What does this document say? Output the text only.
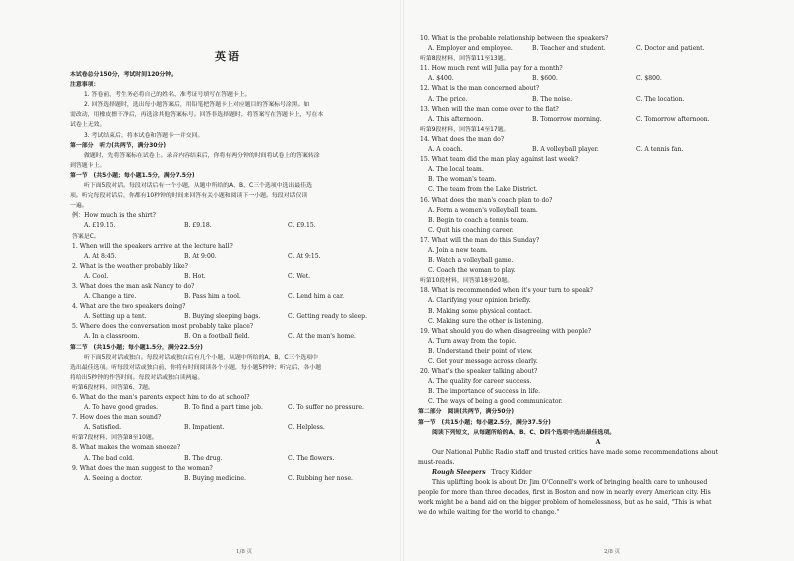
英语
本试卷总分150分，考试时间120分钟。
注意事项：
1. 答卷前，考生务必将自己的姓名、准考证号填写在答题卡上。
2. 回答选择题时，选出每小题答案后，用铅笔把答题卡上对应题目的答案标号涂黑。如
需改动，用橡皮擦干净后，再选涂其他答案标号。回答非选择题时，将答案写在答题卡上，写在本
试卷上无效。
3. 考试结束后，将本试卷和答题卡一并交回。
第一部分　听力(共两节，满分30分)
做题时，先将答案标在试卷上。录音内容结束后，你将有两分钟的时间将试卷上的答案转涂
到答题卡上。
第一节　(共5小题；每小题1.5分，满分7.5分)
听下面5段对话。每段对话后有一个小题，从题中所给的A、B、C三个选项中选出最佳选
项。听完每段对话后，你都有10秒钟的时间来回答有关小题和阅读下一小题。每段对话仅读
一遍。
例：How much is the shirt?
A. £19.15.	B. £9.18.	C. £9.15.
答案是C。
1. When will the speakers arrive at the lecture hall?
A. At 8:45.	B. At 9:00.	C. At 9:15.
2. What is the weather probably like?
A. Cool.	B. Hot.	C. Wet.
3. What does the man ask Nancy to do?
A. Change a tire.	B. Pass him a tool.	C. Lend him a car.
4. What are the two speakers doing?
A. Setting up a tent.	B. Buying sleeping bags.	C. Getting ready to sleep.
5. Where does the conversation most probably take place?
A. In a classroom.	B. On a football field.	C. At the man's home.
第二节　(共15小题；每小题1.5分，满分22.5分)
听下面5段对话或独白。每段对话或独白后有几个小题，从题中所给的A、B、C三个选项中
选出最佳选项。听每段对话或独白前，你将有时间阅读各个小题，每小题5秒钟；听完后，各小题
将给出5秒钟的作答时间。每段对话或独白读两遍。
听第6段材料，回答第6、7题。
6. What do the man's parents expect him to do at school?
A. To have good grades.	B. To find a part time job.	C. To suffer no pressure.
7. How does the man sound?
A. Satisfied.	B. Impatient.	C. Helpless.
听第7段材料，回答第8至10题。
8. What makes the woman sneeze?
A. The bad cold.	B. The drug.	C. The flowers.
9. What does the man suggest to the woman?
A. Seeing a doctor.	B. Buying medicine.	C. Rubbing her nose.
1/8 页
10. What is the probable relationship between the speakers?
A. Employer and employee.	B. Teacher and student.	C. Doctor and patient.
听第8段材料，回答第11至13题。
11. How much rent will Julia pay for a month?
A. $400.	B. $600.	C. $800.
12. What is the man concerned about?
A. The price.	B. The noise.	C. The location.
13. When will the man come over to the flat?
A. This afternoon.	B. Tomorrow morning.	C. Tomorrow afternoon.
听第9段材料，回答第14至17题。
14. What does the man do?
A. A coach.	B. A volleyball player.	C. A tennis fan.
15. What team did the man play against last week?
A. The local team.
B. The woman's team.
C. The team from the Lake District.
16. What does the man's coach plan to do?
A. Form a women's volleyball team.
B. Begin to coach a tennis team.
C. Quit his coaching career.
17. What will the man do this Sunday?
A. Join a new team.
B. Watch a volleyball game.
C. Coach the woman to play.
听第10段材料，回答第18至20题。
18. What is recommended when it's your turn to speak?
A. Clarifying your opinion briefly.
B. Making some physical contact.
C. Making sure the other is listening.
19. What should you do when disagreeing with people?
A. Turn away from the topic.
B. Understand their point of view.
C. Get your message across clearly.
20. What's the speaker talking about?
A. The quality for career success.
B. The importance of success in life.
C. The ways of being a good communicator.
第二部分　阅读(共两节，满分50分)
第一节　(共15小题；每小题2.5分，满分37.5分)
阅读下列短文，从每题所给的A、B、C、D四个选项中选出最佳选项。
A
Our National Public Radio staff and trusted critics have made some recommendations about
must-reads.
Rough Sleepers Tracy Kidder
This uplifting book is about Dr. Jim O'Connell's work of bringing health care to unhoused
people for more than three decades, first in Boston and now in nearly every American city. His
work might be a band aid on the bigger problem of homelessness, but as he said, "This is what
we do while waiting for the world to change."
2/8 页
